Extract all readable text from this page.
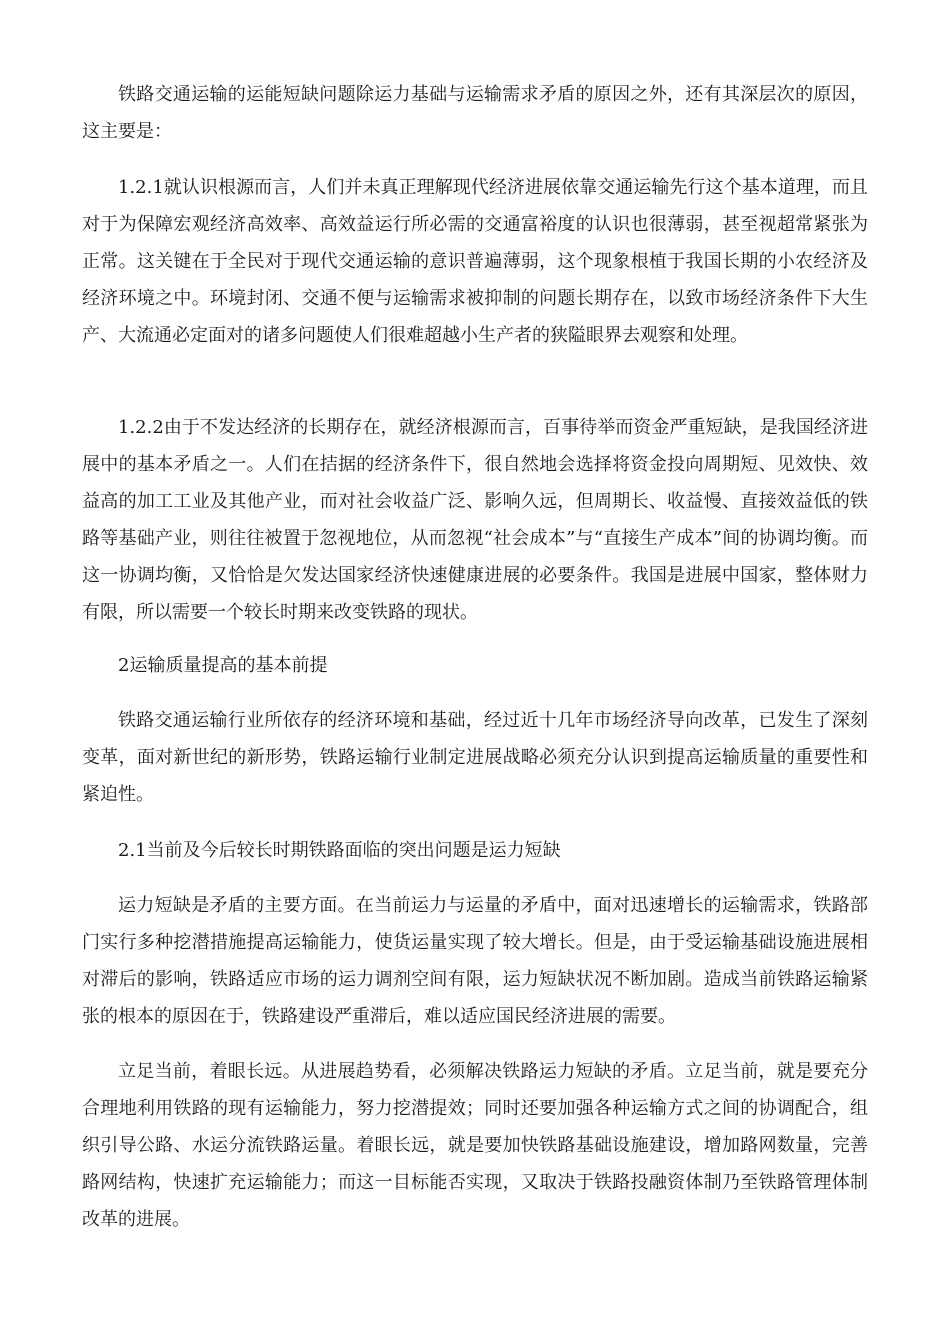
铁路交通运输的运能短缺问题除运力基础与运输需求矛盾的原因之外，还有其深层次的原因，这主要是：

1.2.1就认识根源而言，人们并未真正理解现代经济进展依靠交通运输先行这个基本道理，而且对于为保障宏观经济高效率、高效益运行所必需的交通富裕度的认识也很薄弱，甚至视超常紧张为正常。这关键在于全民对于现代交通运输的意识普遍薄弱，这个现象根植于我国长期的小农经济及经济环境之中。环境封闭、交通不便与运输需求被抑制的问题长期存在，以致市场经济条件下大生产、大流通必定面对的诸多问题使人们很难超越小生产者的狭隘眼界去观察和处理。

1.2.2由于不发达经济的长期存在，就经济根源而言，百事待举而资金严重短缺，是我国经济进展中的基本矛盾之一。人们在拮据的经济条件下，很自然地会选择将资金投向周期短、见效快、效益高的加工工业及其他产业，而对社会收益广泛、影响久远，但周期长、收益慢、直接效益低的铁路等基础产业，则往往被置于忽视地位，从而忽视“社会成本”与“直接生产成本”间的协调均衡。而这一协调均衡，又恰恰是欠发达国家经济快速健康进展的必要条件。我国是进展中国家，整体财力有限，所以需要一个较长时期来改变铁路的现状。

2运输质量提高的基本前提

铁路交通运输行业所依存的经济环境和基础，经过近十几年市场经济导向改革，已发生了深刻变革，面对新世纪的新形势，铁路运输行业制定进展战略必须充分认识到提高运输质量的重要性和紧迫性。

2.1当前及今后较长时期铁路面临的突出问题是运力短缺

运力短缺是矛盾的主要方面。在当前运力与运量的矛盾中，面对迅速增长的运输需求，铁路部门实行多种挖潜措施提高运输能力，使货运量实现了较大增长。但是，由于受运输基础设施进展相对滞后的影响，铁路适应市场的运力调剂空间有限，运力短缺状况不断加剧。造成当前铁路运输紧张的根本的原因在于，铁路建设严重滞后，难以适应国民经济进展的需要。

立足当前，着眼长远。从进展趋势看，必须解决铁路运力短缺的矛盾。立足当前，就是要充分合理地利用铁路的现有运输能力，努力挖潜提效；同时还要加强各种运输方式之间的协调配合，组织引导公路、水运分流铁路运量。着眼长远，就是要加快铁路基础设施建设，增加路网数量，完善路网结构，快速扩充运输能力；而这一目标能否实现，又取决于铁路投融资体制乃至铁路管理体制改革的进展。
